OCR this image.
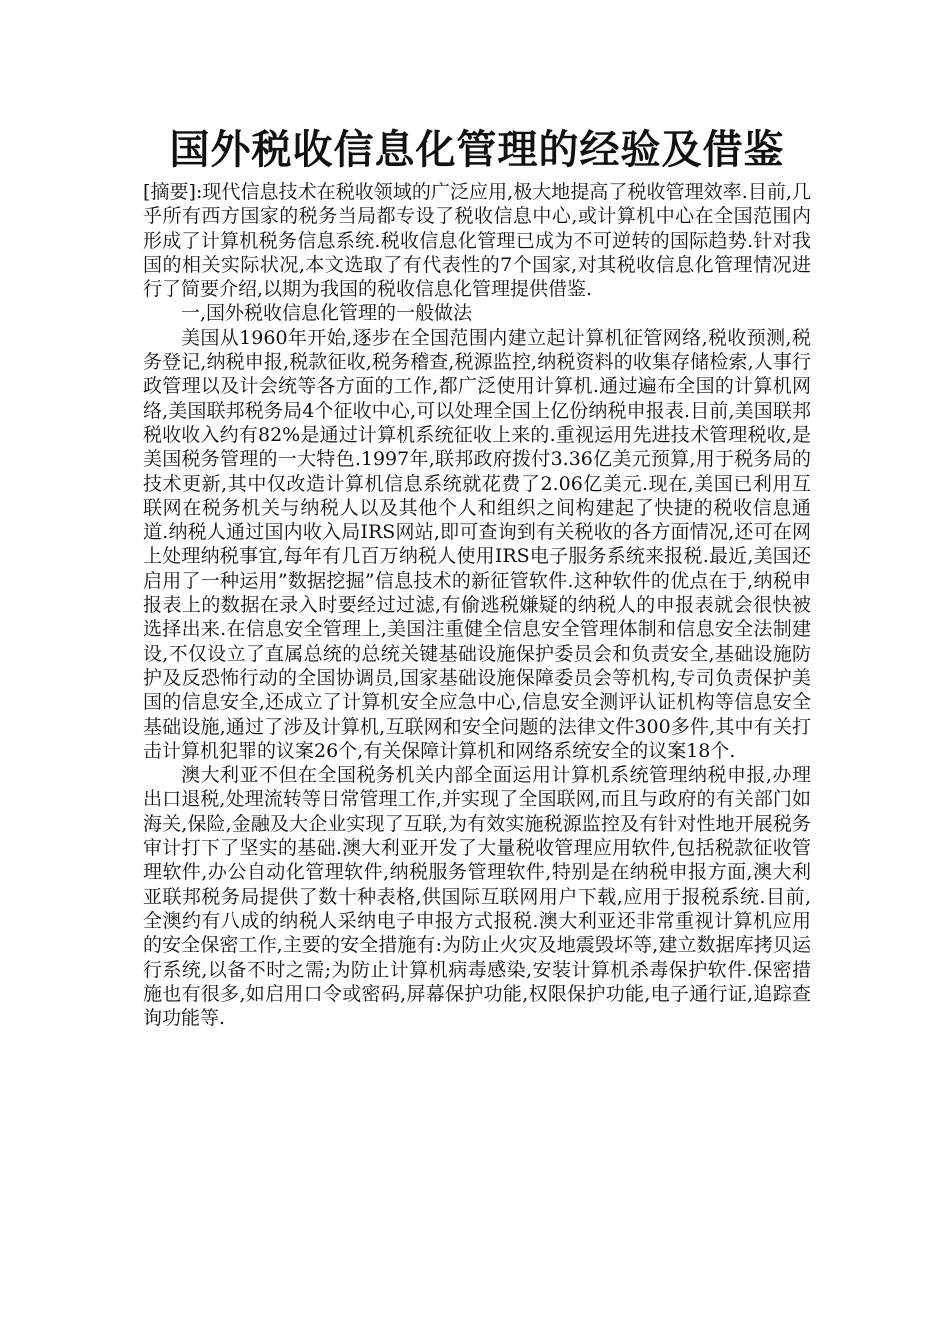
国外税收信息化管理的经验及借鉴

[摘要]:现代信息技术在税收领域的广泛应用,极大地提高了税收管理效率.目前,几乎所有西方国家的税务当局都专设了税收信息中心,或计算机中心在全国范围内形成了计算机税务信息系统.税收信息化管理已成为不可逆转的国际趋势.针对我国的相关实际状况,本文选取了有代表性的7个国家,对其税收信息化管理情况进行了简要介绍,以期为我国的税收信息化管理提供借鉴.

一,国外税收信息化管理的一般做法

美国从1960年开始,逐步在全国范围内建立起计算机征管网络,税收预测,税务登记,纳税申报,税款征收,税务稽查,税源监控,纳税资料的收集存储检索,人事行政管理以及计会统等各方面的工作,都广泛使用计算机.通过遍布全国的计算机网络,美国联邦税务局4个征收中心,可以处理全国上亿份纳税申报表.目前,美国联邦税收收入约有82%是通过计算机系统征收上来的.重视运用先进技术管理税收,是美国税务管理的一大特色.1997年,联邦政府拨付3.36亿美元预算,用于税务局的技术更新,其中仅改造计算机信息系统就花费了2.06亿美元.现在,美国已利用互联网在税务机关与纳税人以及其他个人和组织之间构建起了快捷的税收信息通道.纳税人通过国内收入局IRS网站,即可查询到有关税收的各方面情况,还可在网上处理纳税事宜,每年有几百万纳税人使用IRS电子服务系统来报税.最近,美国还启用了一种运用”数据挖掘”信息技术的新征管软件.这种软件的优点在于,纳税申报表上的数据在录入时要经过过滤,有偷逃税嫌疑的纳税人的申报表就会很快被选择出来.在信息安全管理上,美国注重健全信息安全管理体制和信息安全法制建设,不仅设立了直属总统的总统关键基础设施保护委员会和负责安全,基础设施防护及反恐怖行动的全国协调员,国家基础设施保障委员会等机构,专司负责保护美国的信息安全,还成立了计算机安全应急中心,信息安全测评认证机构等信息安全基础设施,通过了涉及计算机,互联网和安全问题的法律文件300多件,其中有关打击计算机犯罪的议案26个,有关保障计算机和网络系统安全的议案18个.

澳大利亚不但在全国税务机关内部全面运用计算机系统管理纳税申报,办理出口退税,处理流转等日常管理工作,并实现了全国联网,而且与政府的有关部门如海关,保险,金融及大企业实现了互联,为有效实施税源监控及有针对性地开展税务审计打下了坚实的基础.澳大利亚开发了大量税收管理应用软件,包括税款征收管理软件,办公自动化管理软件,纳税服务管理软件,特别是在纳税申报方面,澳大利亚联邦税务局提供了数十种表格,供国际互联网用户下载,应用于报税系统.目前,全澳约有八成的纳税人采纳电子申报方式报税.澳大利亚还非常重视计算机应用的安全保密工作,主要的安全措施有:为防止火灾及地震毁坏等,建立数据库拷贝运行系统,以备不时之需;为防止计算机病毒感染,安装计算机杀毒保护软件.保密措施也有很多,如启用口令或密码,屏幕保护功能,权限保护功能,电子通行证,追踪查询功能等.
